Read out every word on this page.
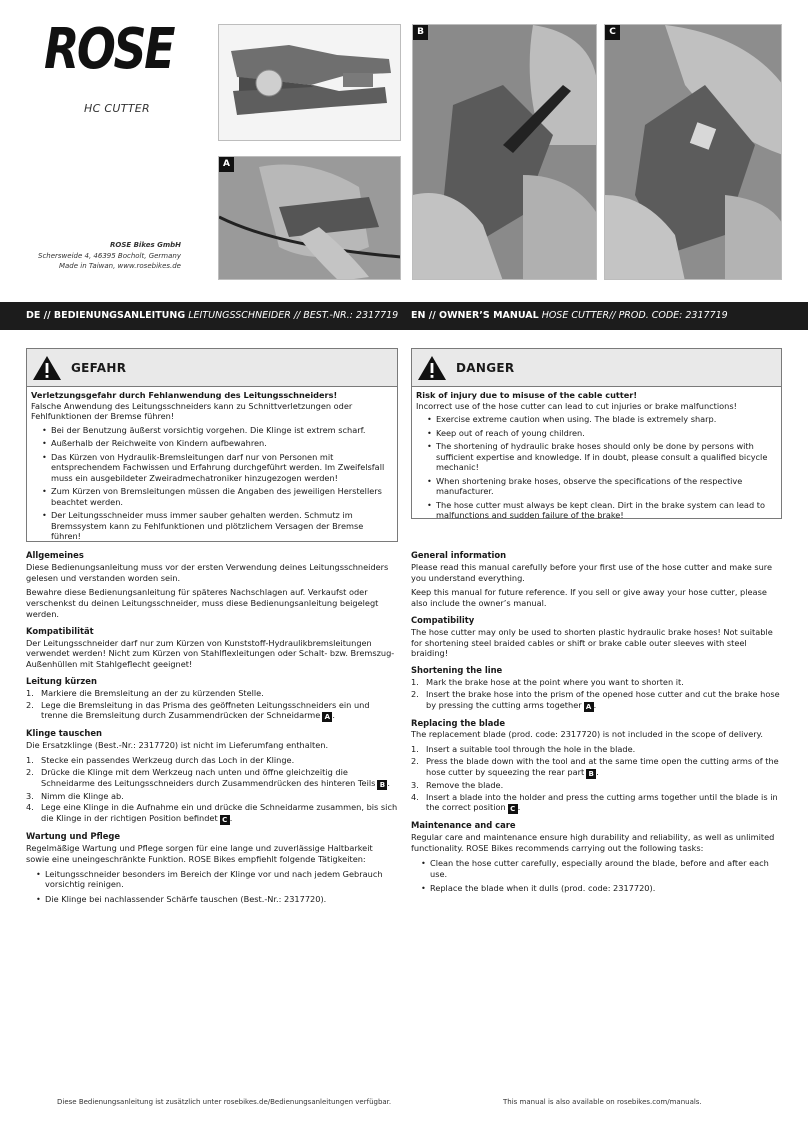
ROSE
HC CUTTER
ROSE Bikes GmbH
Schersweide 4, 46395 Bocholt, Germany
Made in Taiwan, www.rosebikes.de
A
B	C
DE // BEDIENUNGSANLEITUNG LEITUNGSSCHNEIDER // BEST.-NR.: 2317719 EN // OWNER’S MANUAL HOSE CUTTER// PROD. CODE: 2317719
GEFAHR
Verletzungsgefahr durch Fehlanwendung des Leitungsschneiders!
Falsche Anwendung des Leitungsschneiders kann zu Schnittverletzungen oder Fehlfunktionen der Bremse führen!
• Bei der Benutzung äußerst vorsichtig vorgehen. Die Klinge ist extrem scharf.
• Außerhalb der Reichweite von Kindern aufbewahren.
• Das Kürzen von Hydraulik-Bremsleitungen darf nur von Personen mit entsprechendem Fachwissen und Erfahrung durchgeführt werden. Im Zweifelsfall muss ein ausgebildeter Zweiradmechatroniker hinzugezogen werden!
• Zum Kürzen von Bremsleitungen müssen die Angaben des jeweiligen Herstellers beachtet werden.
• Der Leitungsschneider muss immer sauber gehalten werden. Schmutz im Bremssystem kann zu Fehlfunktionen und plötzlichem Versagen der Bremse führen!
DANGER
Risk of injury due to misuse of the cable cutter!
Incorrect use of the hose cutter can lead to cut injuries or brake malfunctions!
• Exercise extreme caution when using. The blade is extremely sharp.
• Keep out of reach of young children.
• The shortening of hydraulic brake hoses should only be done by persons with sufficient expertise and knowledge. If in doubt, please consult a qualified bicycle mechanic!
• When shortening brake hoses, observe the specifications of the respective manufacturer.
• The hose cutter must always be kept clean. Dirt in the brake system can lead to malfunctions and sudden failure of the brake!
Allgemeines

Diese Bedienungsanleitung muss vor der ersten Verwendung deines Leitungsschneiders gelesen und verstanden worden sein.

Bewahre diese Bedienungsanleitung für späteres Nachschlagen auf. Verkaufst oder verschenkst du deinen Leitungsschneider, muss diese Bedienungsanleitung beigelegt werden.

Kompatibilität

Der Leitungsschneider darf nur zum Kürzen von Kunststoff-Hydraulikbremsleitungen verwendet werden! Nicht zum Kürzen von Stahlflexleitungen oder Schalt- bzw. Bremszug-Außenhüllen mit Stahlgeflecht geeignet!

Leitung kürzen
1. Markiere die Bremsleitung an der zu kürzenden Stelle.
2. Lege die Bremsleitung in das Prisma des geöffneten Leitungsschneiders ein und trenne die Bremsleitung durch Zusammendrücken der Schneidarme A .
Klinge tauschen

Die Ersatzklinge (Best.-Nr.: 2317720) ist nicht im Lieferumfang enthalten.

1. Stecke ein passendes Werkzeug durch das Loch in der Klinge.
2. Drücke die Klinge mit dem Werkzeug nach unten und öffne gleichzeitig die Schneidarme des Leitungsschneiders durch Zusammendrücken des hinteren Teils B .
3. Nimm die Klinge ab.
4. Lege eine Klinge in die Aufnahme ein und drücke die Schneidarme zusammen, bis sich die Klinge in der richtigen Position befindet C .
Wartung und Pflege

Regelmäßige Wartung und Pflege sorgen für eine lange und zuverlässige Haltbarkeit sowie eine uneingeschränkte Funktion. ROSE Bikes empfiehlt folgende Tätigkeiten:

• Leitungsschneider besonders im Bereich der Klinge vor und nach jedem Gebrauch vorsichtig reinigen.
• Die Klinge bei nachlassender Schärfe tauschen (Best.-Nr.: 2317720).
General information

Please read this manual carefully before your first use of the hose cutter and make sure you understand everything.

Keep this manual for future reference. If you sell or give away your hose cutter, please also include the owner’s manual.

Compatibility

The hose cutter may only be used to shorten plastic hydraulic brake hoses! Not suitable for shortening steel braided cables or shift or brake cable outer sleeves with steel braiding!

Shortening the line
1. Mark the brake hose at the point where you want to shorten it.
2. Insert the brake hose into the prism of the opened hose cutter and cut the brake hose by pressing the cutting arms together A .
Replacing the blade

The replacement blade (prod. code: 2317720) is not included in the scope of delivery.

1. Insert a suitable tool through the hole in the blade.
2. Press the blade down with the tool and at the same time open the cutting arms of the hose cutter by squeezing the rear part B .
3. Remove the blade.
4. Insert a blade into the holder and press the cutting arms together until the blade is in the correct position C .
Maintenance and care

Regular care and maintenance ensure high durability and reliability, as well as unlimited functionality. ROSE Bikes recommends carrying out the following tasks:

• Clean the hose cutter carefully, especially around the blade, before and after each use.
• Replace the blade when it dulls (prod. code: 2317720).
Diese Bedienungsanleitung ist zusätzlich unter rosebikes.de/Bedienungsanleitungen verfügbar.	This manual is also available on rosebikes.com/manuals.
